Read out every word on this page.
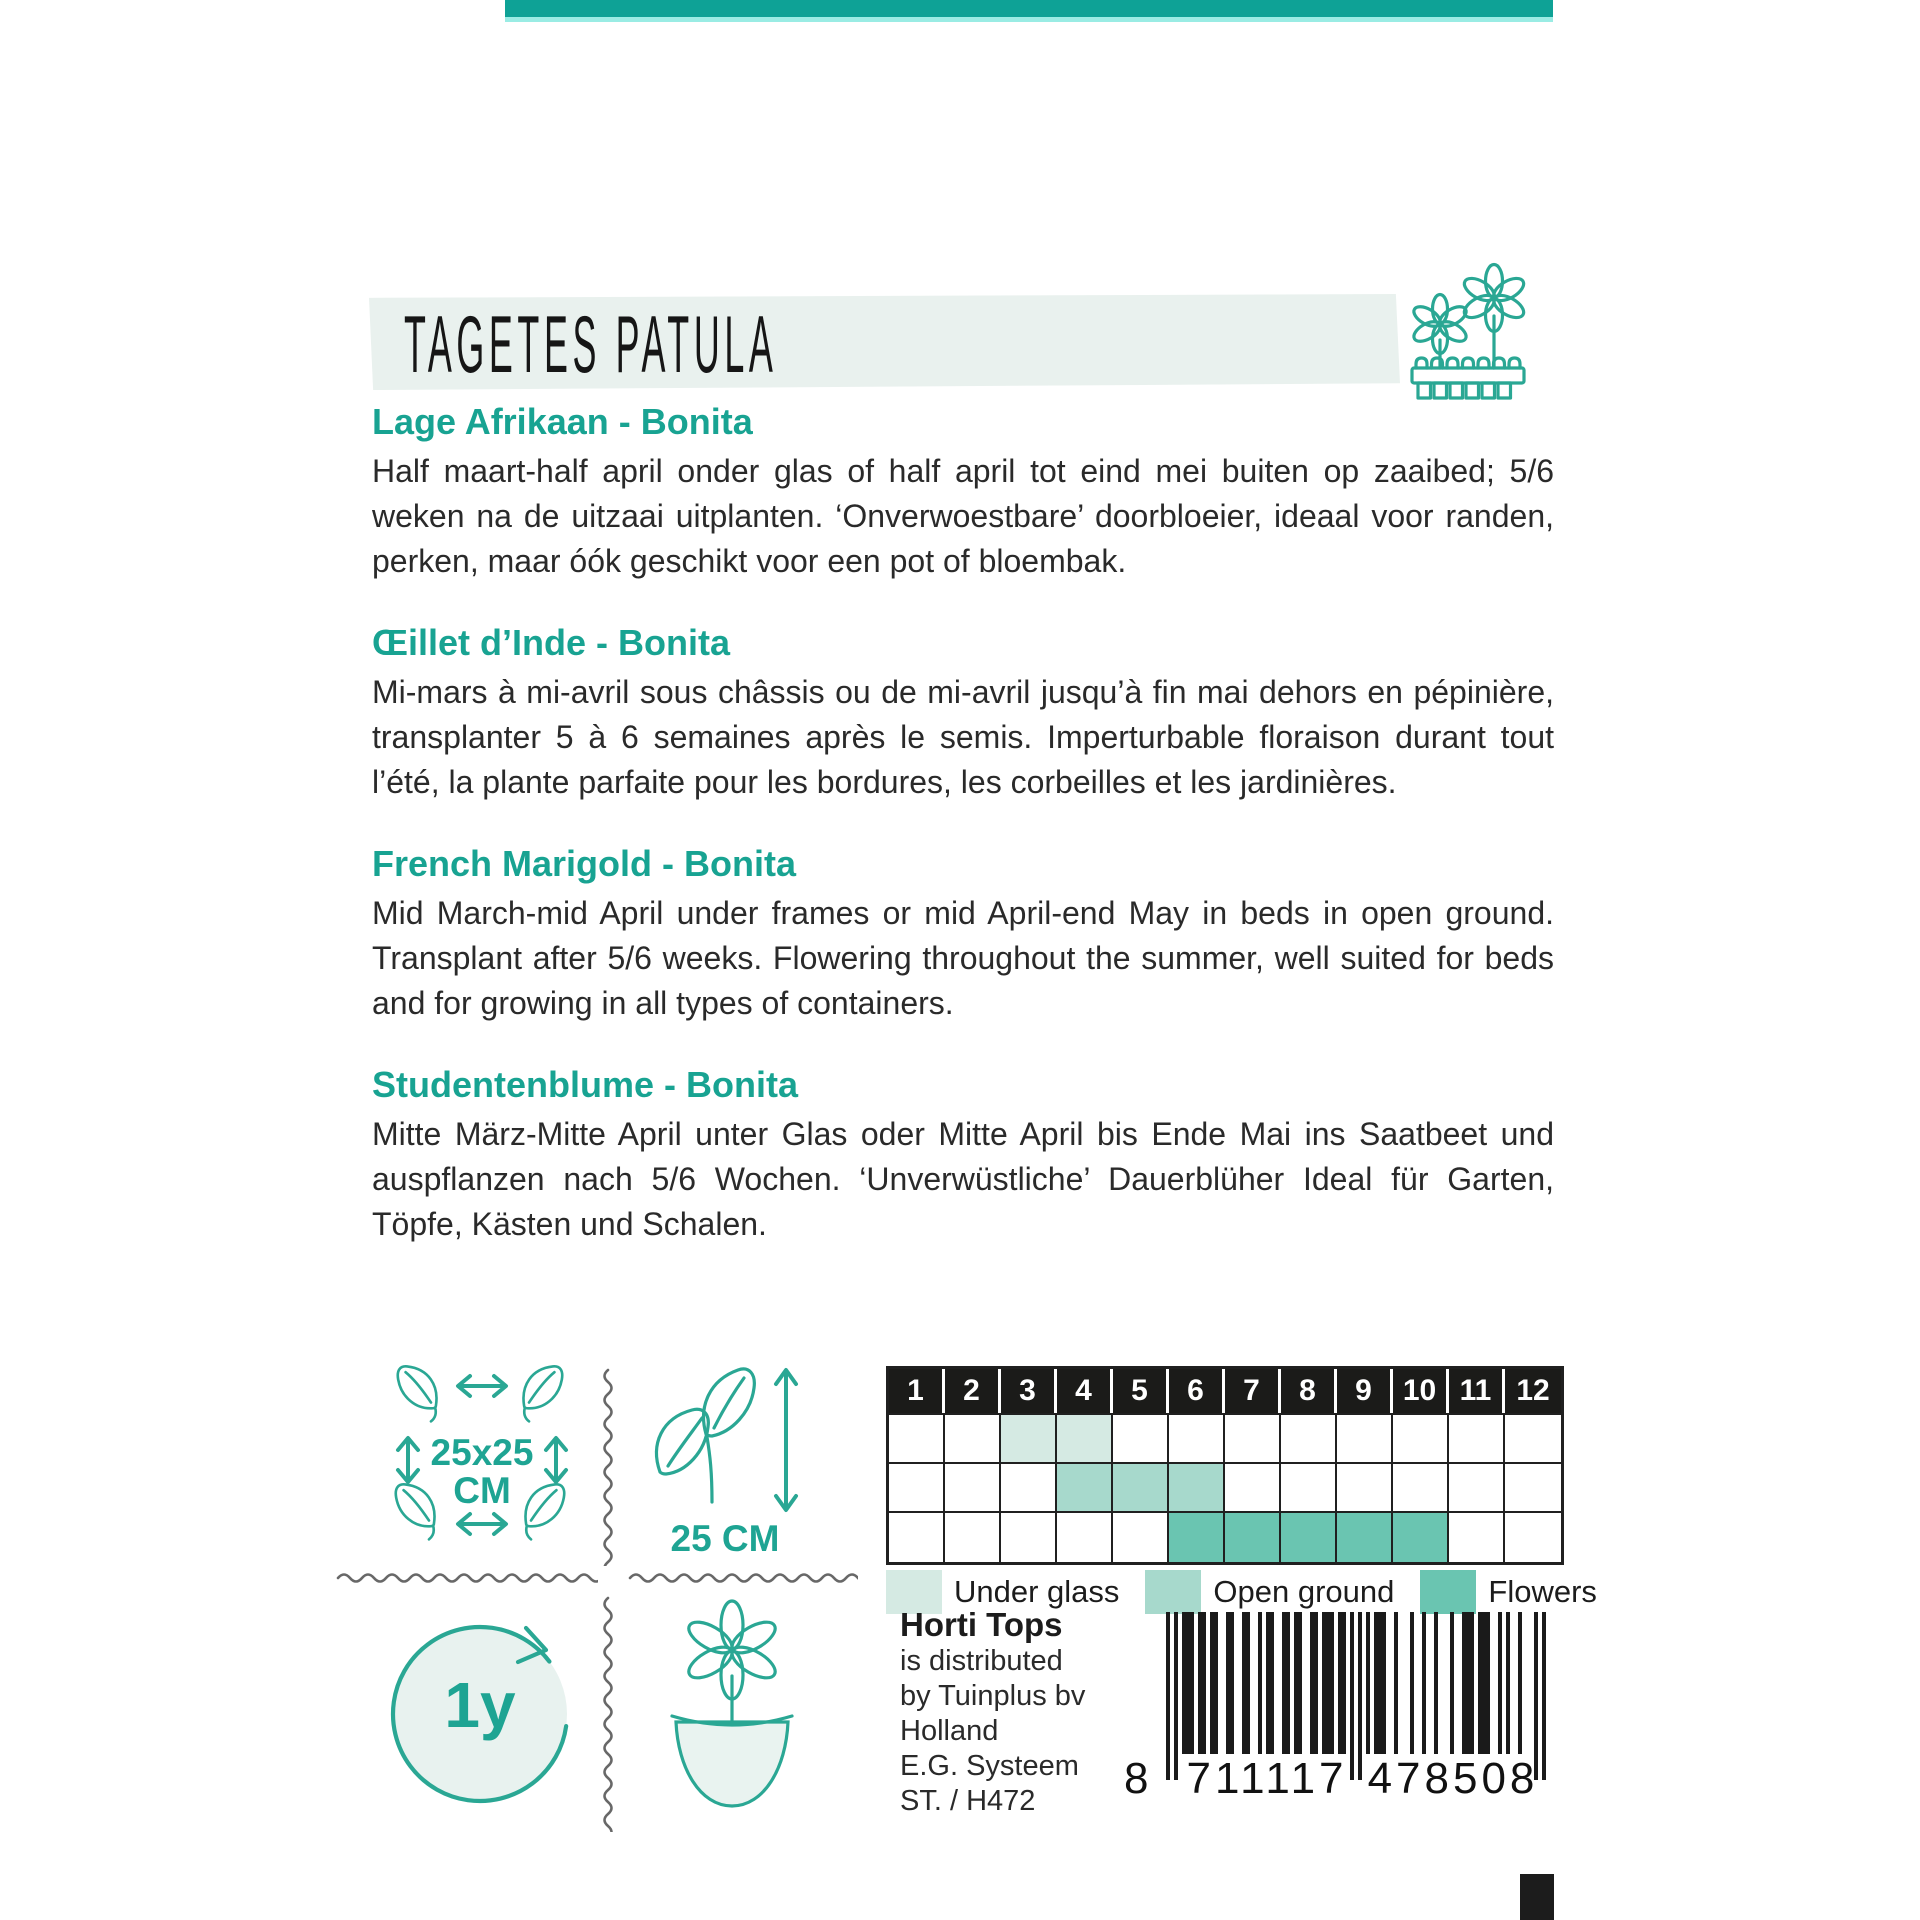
TAGETES PATULA
Lage Afrikaan - Bonita

Half maart-half april onder glas of half april tot eind mei buiten op zaaibed; 5/6 weken na de uitzaai uitplanten. ‘Onverwoestbare’ doorbloeier, ideaal voor randen, perken, maar óók geschikt voor een pot of bloembak.

Œillet d’Inde - Bonita

Mi-mars à mi-avril sous châssis ou de mi-avril jusqu’à fin mai dehors en pépinière, transplanter 5 à 6 semaines après le semis. Imperturbable floraison durant tout l’été, la plante parfaite pour les bordures, les corbeilles et les jardinières.

French Marigold - Bonita

Mid March-mid April under frames or mid April-end May in beds in open ground. Transplant after 5/6 weeks. Flowering throughout the summer, well suited for beds and for growing in all types of containers.

Studentenblume - Bonita

Mitte März-Mitte April unter Glas oder Mitte April bis Ende Mai ins Saatbeet und auspflanzen nach 5/6 Wochen. ‘Unverwüstliche’ Dauerblüher Ideal für Garten, Töpfe, Kästen und Schalen.

25x25
CM
25 CM
1y
1	2	3	4	5	6	7	8	9	10 11 12
Under glass	Open ground	Flowers
Horti Tops
is distributed
by Tuinplus bv
Holland
E.G. Systeem
ST. / H472	8 711117 478508
